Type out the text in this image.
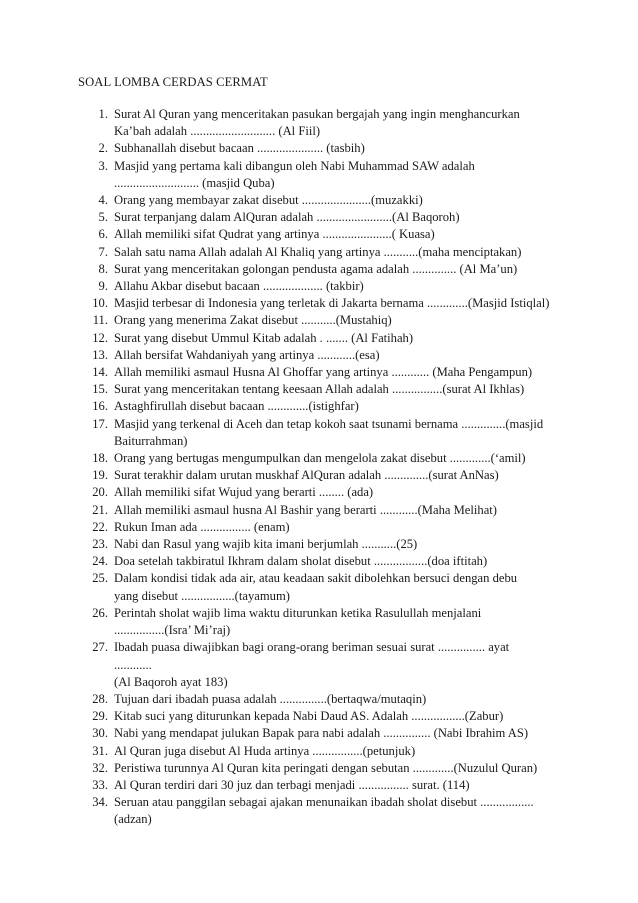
SOAL LOMBA CERDAS CERMAT
1. Surat Al Quran yang menceritakan pasukan bergajah yang ingin menghancurkan
Ka’bah adalah ........................... (Al Fiil)
2. Subhanallah disebut bacaan ..................... (tasbih)
3. Masjid yang pertama kali dibangun oleh Nabi Muhammad SAW adalah
........................... (masjid Quba)
4. Orang yang membayar zakat disebut ......................(muzakki)
5. Surat terpanjang dalam AlQuran adalah ........................(Al Baqoroh)
6. Allah memiliki sifat Qudrat yang artinya ......................( Kuasa)
7. Salah satu nama Allah adalah Al Khaliq yang artinya ...........(maha menciptakan)
8. Surat yang menceritakan golongan pendusta agama adalah .............. (Al Ma’un)
9. Allahu Akbar disebut bacaan ................... (takbir)
10. Masjid terbesar di Indonesia yang terletak di Jakarta bernama .............(Masjid Istiqlal)
11. Orang yang menerima Zakat disebut ...........(Mustahiq)
12. Surat yang disebut Ummul Kitab adalah . ....... (Al Fatihah)
13. Allah bersifat Wahdaniyah yang artinya ............(esa)
14. Allah memiliki asmaul Husna Al Ghoffar yang artinya ............ (Maha Pengampun)
15. Surat yang menceritakan tentang keesaan Allah adalah ................(surat Al Ikhlas)
16. Astaghfirullah disebut bacaan .............(istighfar)
17. Masjid yang terkenal di Aceh dan tetap kokoh saat tsunami bernama ..............(masjid
Baiturrahman)
18. Orang yang bertugas mengumpulkan dan mengelola zakat disebut .............(‘amil)
19. Surat terakhir dalam urutan muskhaf AlQuran adalah ..............(surat AnNas)
20. Allah memiliki sifat Wujud yang berarti ........ (ada)
21. Allah memiliki asmaul husna Al Bashir yang berarti ............(Maha Melihat)
22. Rukun Iman ada ................ (enam)
23. Nabi dan Rasul yang wajib kita imani berjumlah ...........(25)
24. Doa setelah takbiratul Ikhram dalam sholat disebut .................(doa iftitah)
25. Dalam kondisi tidak ada air, atau keadaan sakit dibolehkan bersuci dengan debu
yang disebut .................(tayamum)
26. Perintah sholat wajib lima waktu diturunkan ketika Rasulullah menjalani
................(Isra’ Mi’raj)
27. Ibadah puasa diwajibkan bagi orang-orang beriman sesuai surat ............... ayat
............
(Al Baqoroh ayat 183)
28. Tujuan dari ibadah puasa adalah ...............(bertaqwa/mutaqin)
29. Kitab suci yang diturunkan kepada Nabi Daud AS. Adalah .................(Zabur)
30. Nabi yang mendapat julukan Bapak para nabi adalah ............... (Nabi Ibrahim AS)
31. Al Quran juga disebut Al Huda artinya ................(petunjuk)
32. Peristiwa turunnya Al Quran kita peringati dengan sebutan .............(Nuzulul Quran)
33. Al Quran terdiri dari 30 juz dan terbagi menjadi ................ surat. (114)
34. Seruan atau panggilan sebagai ajakan menunaikan ibadah sholat disebut .................
(adzan)
